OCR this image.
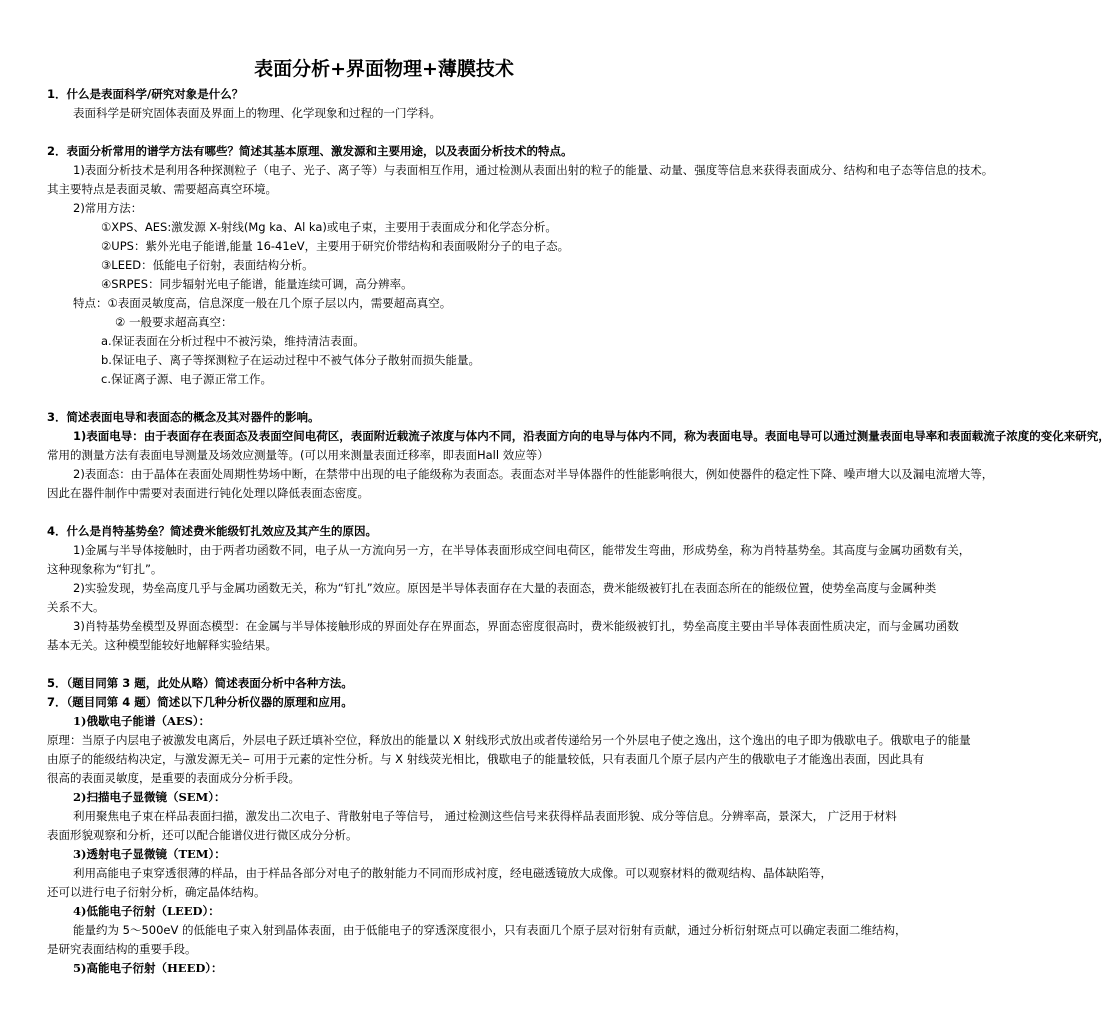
表面分析+界面物理+薄膜技术
1．什么是表面科学/研究对象是什么？
表面科学是研究固体表面及界面上的物理、化学现象和过程的一门学科。
2．表面分析常用的谱学方法有哪些？简述其基本原理、激发源和主要用途，以及表面分析技术的特点。
1)表面分析技术是利用各种探测粒子（电子、光子、离子等）与表面相互作用，通过检测从表面出射的粒子的能量、动量、强度等信息来获得表面成分、结构和电子态等信息的技术。
其主要特点是表面灵敏、需要超高真空环境。
2)常用方法：
①XPS、AES:激发源 X-射线(Mg ka、Al ka)或电子束，主要用于表面成分和化学态分析。
②UPS：紫外光电子能谱,能量 16-41eV，主要用于研究价带结构和表面吸附分子的电子态。
③LEED：低能电子衍射，表面结构分析。
④SRPES：同步辐射光电子能谱，能量连续可调，高分辨率。
特点：①表面灵敏度高，信息深度一般在几个原子层以内，需要超高真空。
② 一般要求超高真空：
a.保证表面在分析过程中不被污染，维持清洁表面。
b.保证电子、离子等探测粒子在运动过程中不被气体分子散射而损失能量。
c.保证离子源、电子源正常工作。
3．简述表面电导和表面态的概念及其对器件的影响。
1)表面电导：由于表面存在表面态及表面空间电荷区，表面附近载流子浓度与体内不同，沿表面方向的电导与体内不同，称为表面电导。表面电导可以通过测量表面电导率和表面载流子浓度的变化来研究，
常用的测量方法有表面电导测量及场效应测量等。(可以用来测量表面迁移率，即表面Hall 效应等）
2)表面态：由于晶体在表面处周期性势场中断，在禁带中出现的电子能级称为表面态。表面态对半导体器件的性能影响很大，例如使器件的稳定性下降、噪声增大以及漏电流增大等，
因此在器件制作中需要对表面进行钝化处理以降低表面态密度。
4．什么是肖特基势垒？简述费米能级钉扎效应及其产生的原因。
1)金属与半导体接触时，由于两者功函数不同，电子从一方流向另一方，在半导体表面形成空间电荷区，能带发生弯曲，形成势垒，称为肖特基势垒。其高度与金属功函数有关，
这种现象称为“钉扎”。
2)实验发现，势垒高度几乎与金属功函数无关，称为“钉扎”效应。原因是半导体表面存在大量的表面态，费米能级被钉扎在表面态所在的能级位置，使势垒高度与金属种类
关系不大。
3)肖特基势垒模型及界面态模型：在金属与半导体接触形成的界面处存在界面态，界面态密度很高时，费米能级被钉扎，势垒高度主要由半导体表面性质决定，而与金属功函数
基本无关。这种模型能较好地解释实验结果。
5．（题目同第 3 题，此处从略）简述表面分析中各种方法。
7．（题目同第 4 题）简述以下几种分析仪器的原理和应用。
1)俄歇电子能谱（AES）：
原理：当原子内层电子被激发电离后，外层电子跃迁填补空位，释放出的能量以 X 射线形式放出或者传递给另一个外层电子使之逸出，这个逸出的电子即为俄歇电子。俄歇电子的能量
由原子的能级结构决定，与激发源无关‒ 可用于元素的定性分析。与 X 射线荧光相比，俄歇电子的能量较低，只有表面几个原子层内产生的俄歇电子才能逸出表面，因此具有
很高的表面灵敏度，是重要的表面成分分析手段。
2)扫描电子显微镜（SEM）：
利用聚焦电子束在样品表面扫描，激发出二次电子、背散射电子等信号， 通过检测这些信号来获得样品表面形貌、成分等信息。分辨率高，景深大， 广泛用于材料
表面形貌观察和分析，还可以配合能谱仪进行微区成分分析。
3)透射电子显微镜（TEM）：
利用高能电子束穿透很薄的样品，由于样品各部分对电子的散射能力不同而形成衬度，经电磁透镜放大成像。可以观察材料的微观结构、晶体缺陷等，
还可以进行电子衍射分析，确定晶体结构。
4)低能电子衍射（LEED）：
能量约为 5～500eV 的低能电子束入射到晶体表面，由于低能电子的穿透深度很小，只有表面几个原子层对衍射有贡献，通过分析衍射斑点可以确定表面二维结构，
是研究表面结构的重要手段。
5)高能电子衍射（HEED）：
